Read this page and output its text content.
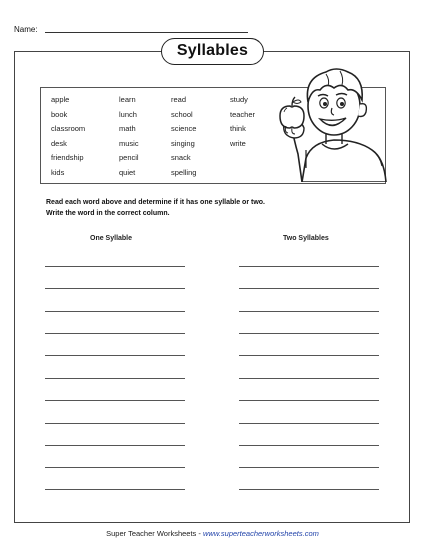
Name:
Syllables
apple
book
classroom
desk
friendship
kids
learn
lunch
math
music
pencil
quiet
read
school
science
singing
snack
spelling
study
teacher
think
write
Read each word above and determine if it has one syllable or two.
Write the word in the correct column.
One Syllable	Two Syllables
Super Teacher Worksheets - www.superteacherworksheets.com
